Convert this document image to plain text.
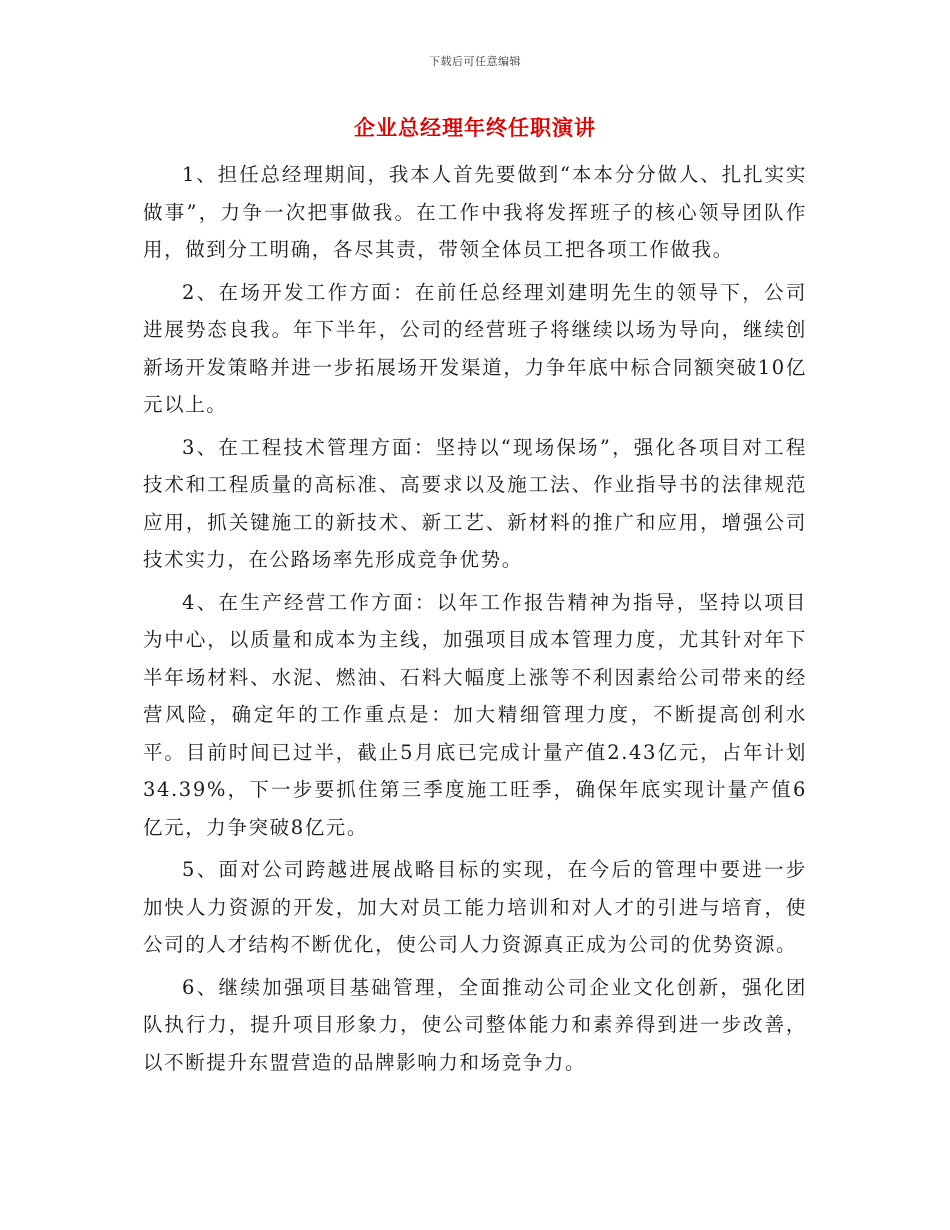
下载后可任意编辑
企业总经理年终任职演讲

1、担任总经理期间，我本人首先要做到“本本分分做人、扎扎实实做事”，力争一次把事做我。在工作中我将发挥班子的核心领导团队作用，做到分工明确，各尽其责，带领全体员工把各项工作做我。

2、在场开发工作方面：在前任总经理刘建明先生的领导下，公司进展势态良我。年下半年，公司的经营班子将继续以场为导向，继续创新场开发策略并进一步拓展场开发渠道，力争年底中标合同额突破10亿元以上。

3、在工程技术管理方面：坚持以“现场保场”，强化各项目对工程技术和工程质量的高标准、高要求以及施工法、作业指导书的法律规范应用，抓关键施工的新技术、新工艺、新材料的推广和应用，增强公司技术实力，在公路场率先形成竞争优势。

4、在生产经营工作方面：以年工作报告精神为指导，坚持以项目为中心，以质量和成本为主线，加强项目成本管理力度，尤其针对年下半年场材料、水泥、燃油、石料大幅度上涨等不利因素给公司带来的经营风险，确定年的工作重点是：加大精细管理力度，不断提高创利水平。目前时间已过半，截止5月底已完成计量产值2.43亿元，占年计划34.39%，下一步要抓住第三季度施工旺季，确保年底实现计量产值6亿元，力争突破8亿元。

5、面对公司跨越进展战略目标的实现，在今后的管理中要进一步加快人力资源的开发，加大对员工能力培训和对人才的引进与培育，使公司的人才结构不断优化，使公司人力资源真正成为公司的优势资源。

6、继续加强项目基础管理，全面推动公司企业文化创新，强化团队执行力，提升项目形象力，使公司整体能力和素养得到进一步改善，以不断提升东盟营造的品牌影响力和场竞争力。
